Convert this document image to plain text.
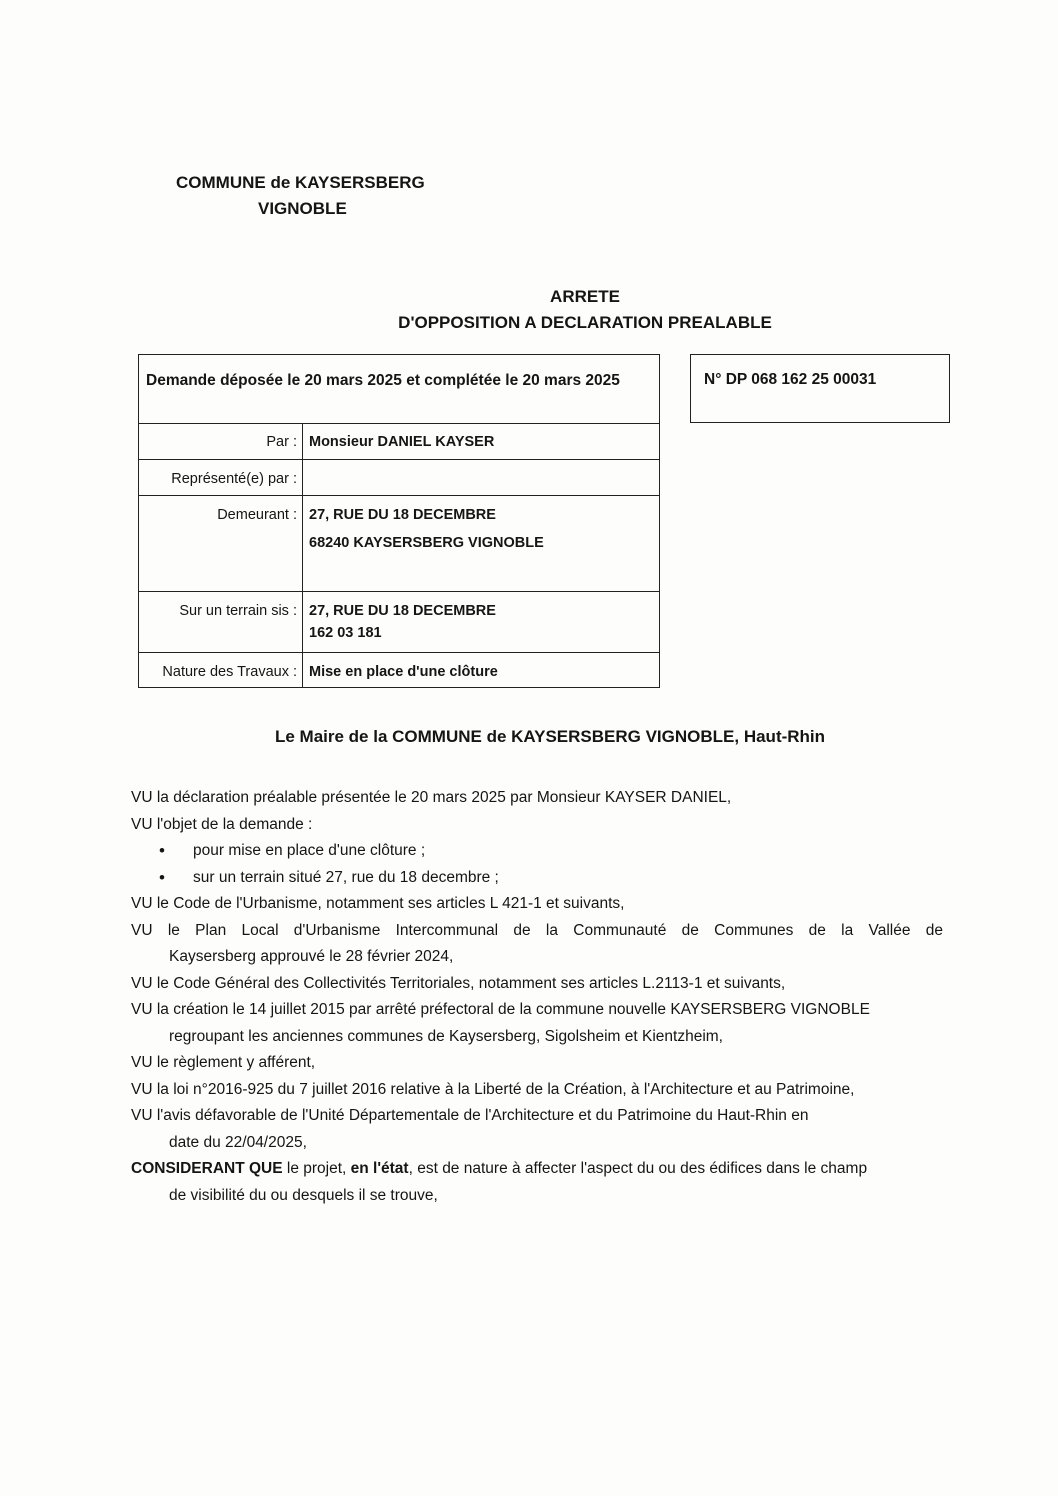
COMMUNE de KAYSERSBERG
VIGNOBLE
ARRETE
D'OPPOSITION A DECLARATION PREALABLE
Demande déposée le 20 mars 2025 et complétée le 20 mars 2025
Par : Monsieur DANIEL KAYSER
Représenté(e) par :
Demeurant : 27, RUE DU 18 DECEMBRE
68240 KAYSERSBERG VIGNOBLE
Sur un terrain sis : 27, RUE DU 18 DECEMBRE
162 03 181
Nature des Travaux : Mise en place d'une clôture
N° DP 068 162 25 00031
Le Maire de la COMMUNE de KAYSERSBERG VIGNOBLE, Haut-Rhin

VU la déclaration préalable présentée le 20 mars 2025 par Monsieur KAYSER DANIEL,

VU l'objet de la demande :

• pour mise en place d'une clôture ;

• sur un terrain situé 27, rue du 18 decembre ;

VU le Code de l'Urbanisme, notamment ses articles L 421-1 et suivants,

VU le Plan Local d'Urbanisme Intercommunal de la Communauté de Communes de la Vallée de

Kaysersberg approuvé le 28 février 2024,

VU le Code Général des Collectivités Territoriales, notamment ses articles L.2113-1 et suivants,

VU la création le 14 juillet 2015 par arrêté préfectoral de la commune nouvelle KAYSERSBERG VIGNOBLE

regroupant les anciennes communes de Kaysersberg, Sigolsheim et Kientzheim,

VU le règlement y afférent,

VU la loi n°2016-925 du 7 juillet 2016 relative à la Liberté de la Création, à l'Architecture et au Patrimoine,

VU l'avis défavorable de l'Unité Départementale de l'Architecture et du Patrimoine du Haut-Rhin en

date du 22/04/2025,

CONSIDERANT QUE le projet, en l'état, est de nature à affecter l'aspect du ou des édifices dans le champ

de visibilité du ou desquels il se trouve,
